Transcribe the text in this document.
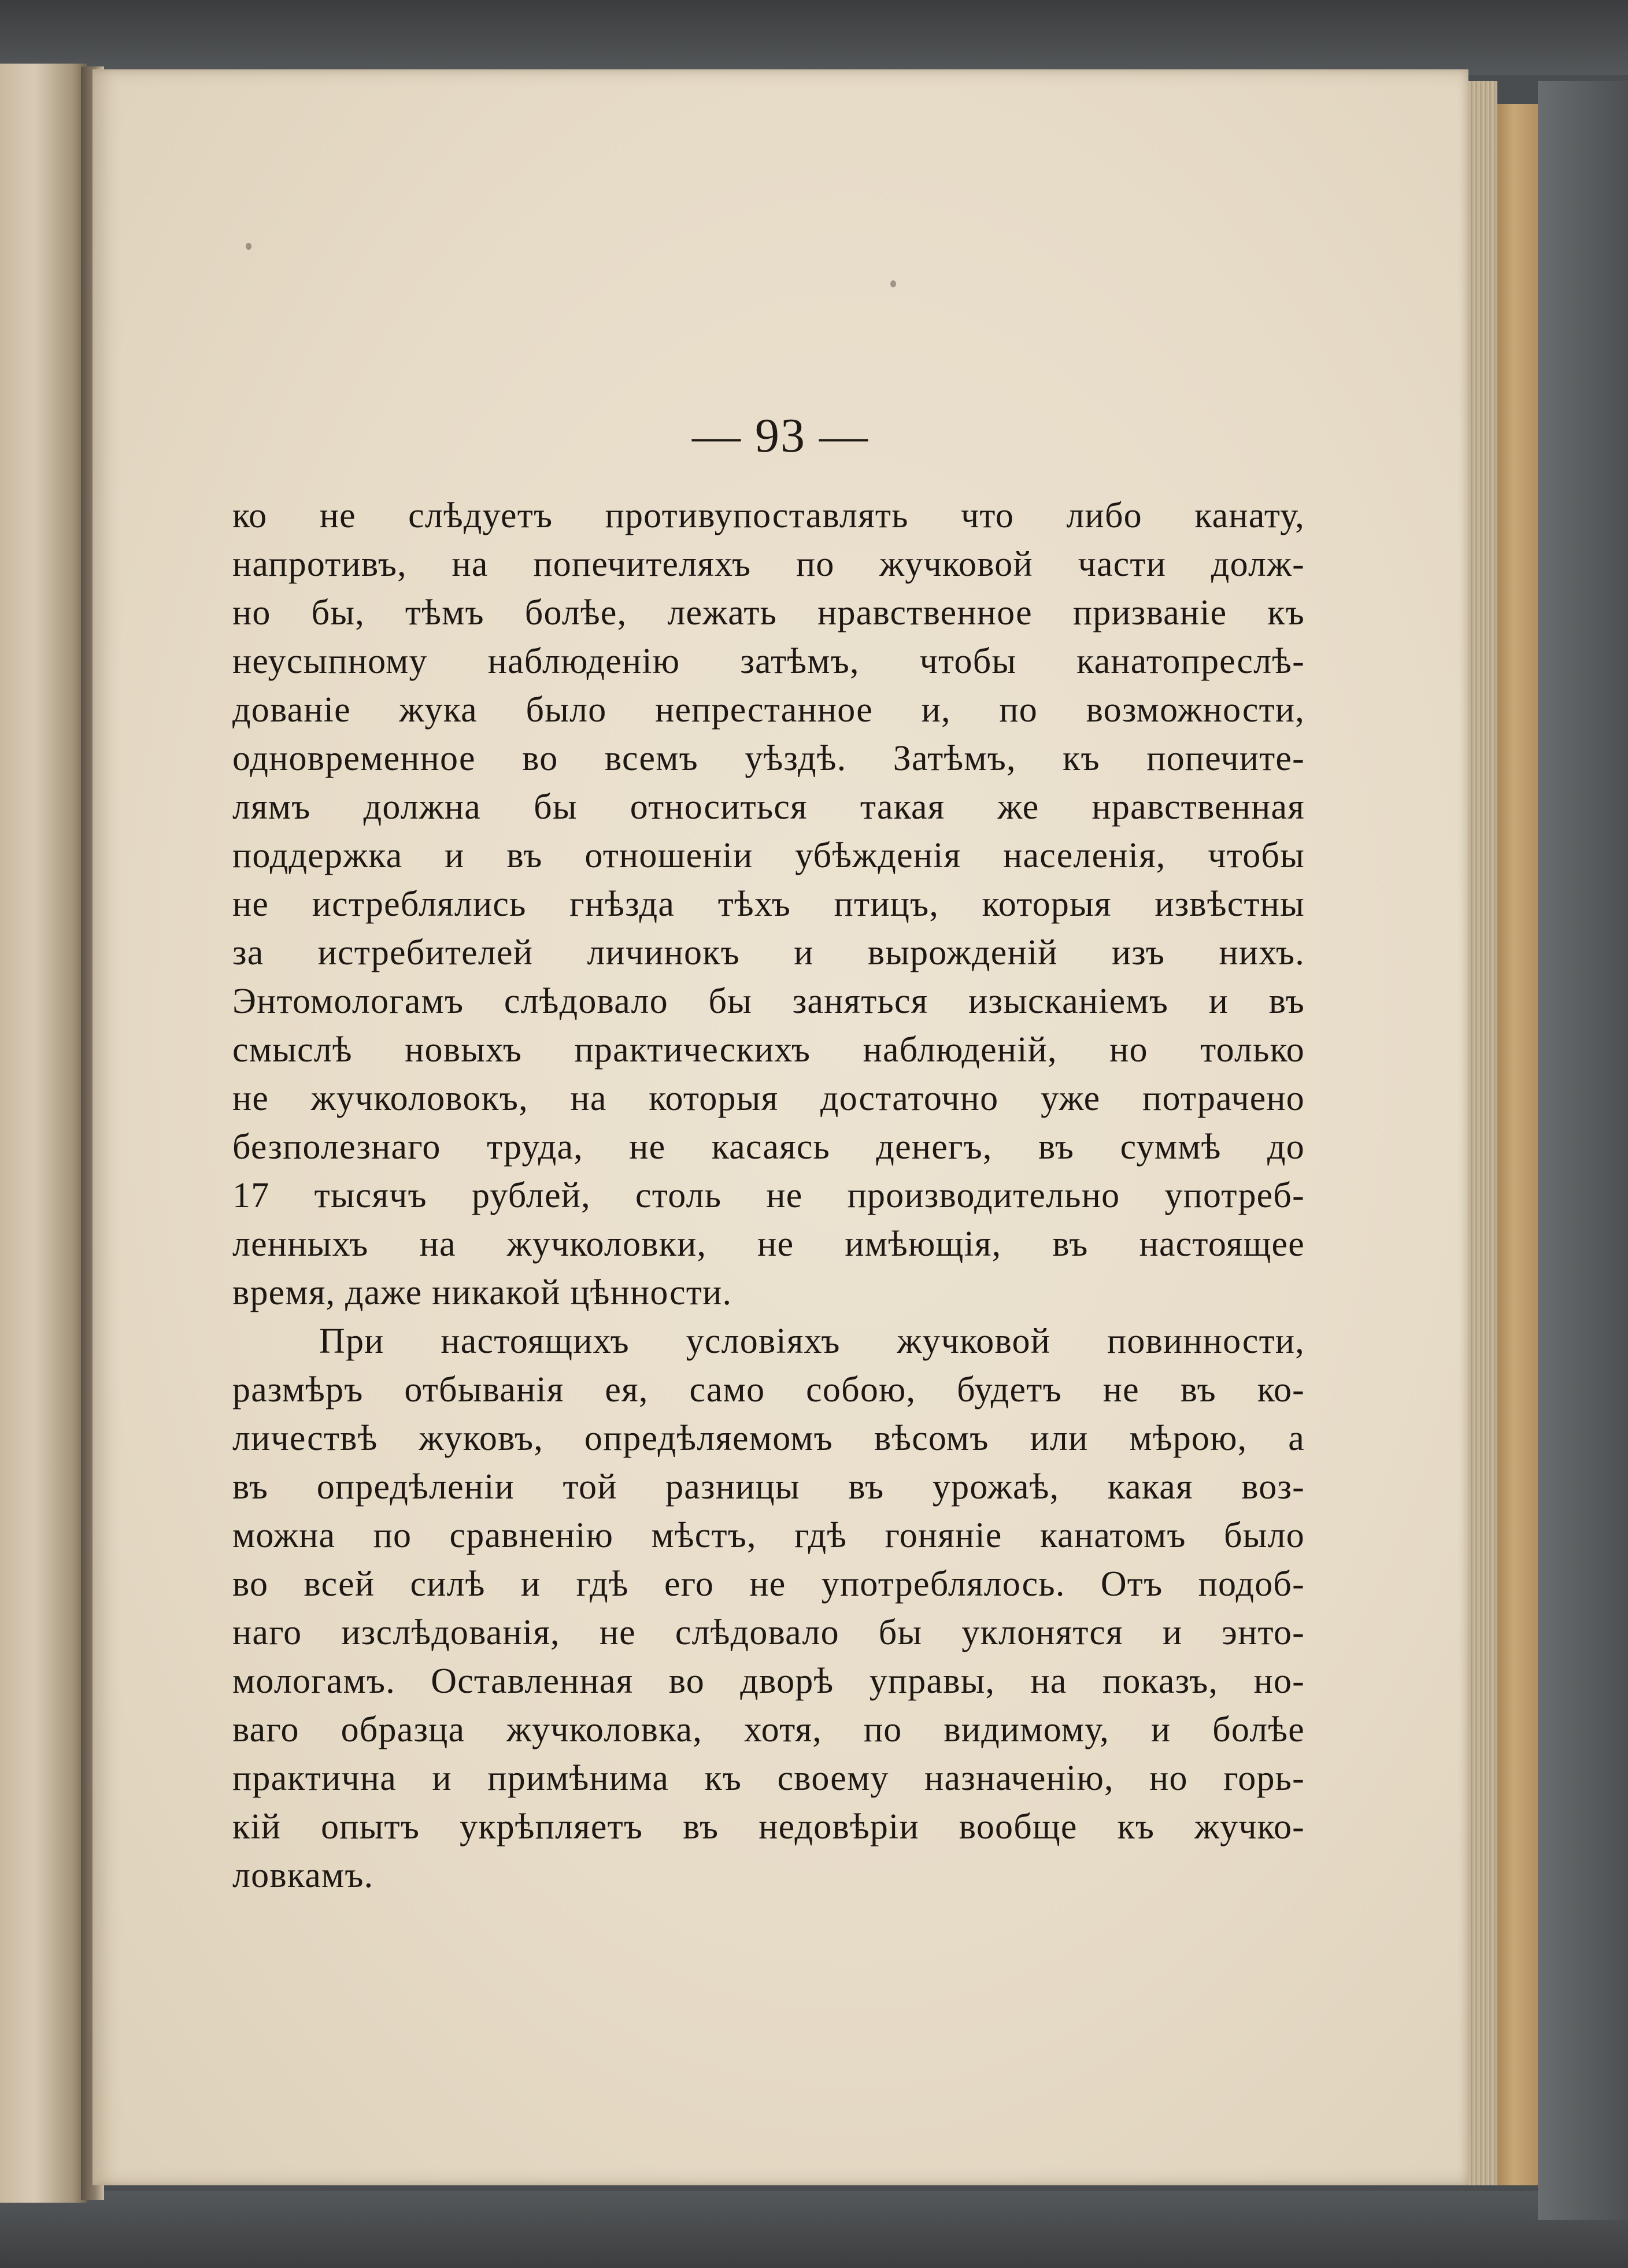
— 93 —
ко не слѣдуетъ противупоставлять что либо канату,
напротивъ, на попечителяхъ по жучковой части долж-
но бы, тѣмъ болѣе, лежать нравственное призванie къ
неусыпному наблюденiю затѣмъ, чтобы канатопреслѣ-
дованiе жука было непрестанное и, по возможности,
одновременное во всемъ уѣздѣ. Затѣмъ, къ попечите-
лямъ должна бы относиться такая же нравственная
поддержка и въ отношенiи убѣжденiя населенiя, чтобы
не истреблялись гнѣзда тѣхъ птицъ, которыя извѣстны
за истребителей личинокъ и вырожденiй изъ нихъ.
Энтомологамъ слѣдовало бы заняться изысканiемъ и въ
смыслѣ новыхъ практическихъ наблюденiй, но только
не жучколовокъ, на которыя достаточно уже потрачено
безполезнаго труда, не касаясь денегъ, въ суммѣ до
17 тысячъ рублей, столь не производительно употреб-
ленныхъ на жучколовки, не имѣющiя, въ настоящее
время, даже никакой цѣнности.
При настоящихъ условiяхъ жучковой повинности,
размѣръ отбыванiя ея, само собою, будетъ не въ ко-
личествѣ жуковъ, опредѣляемомъ вѣсомъ или мѣрою, а
въ опредѣленiи той разницы въ урожаѣ, какая воз-
можна по сравненiю мѣстъ, гдѣ гонянiе канатомъ было
во всей силѣ и гдѣ его не употреблялось. Отъ подоб-
наго изслѣдованiя, не слѣдовало бы уклонятся и энто-
мологамъ. Оставленная во дворѣ управы, на показъ, но-
ваго образца жучколовка, хотя, по видимому, и болѣе
практична и примѣнима къ своему назначенiю, но горь-
кiй опытъ укрѣпляетъ въ недовѣрiи вообще къ жучко-
ловкамъ.
